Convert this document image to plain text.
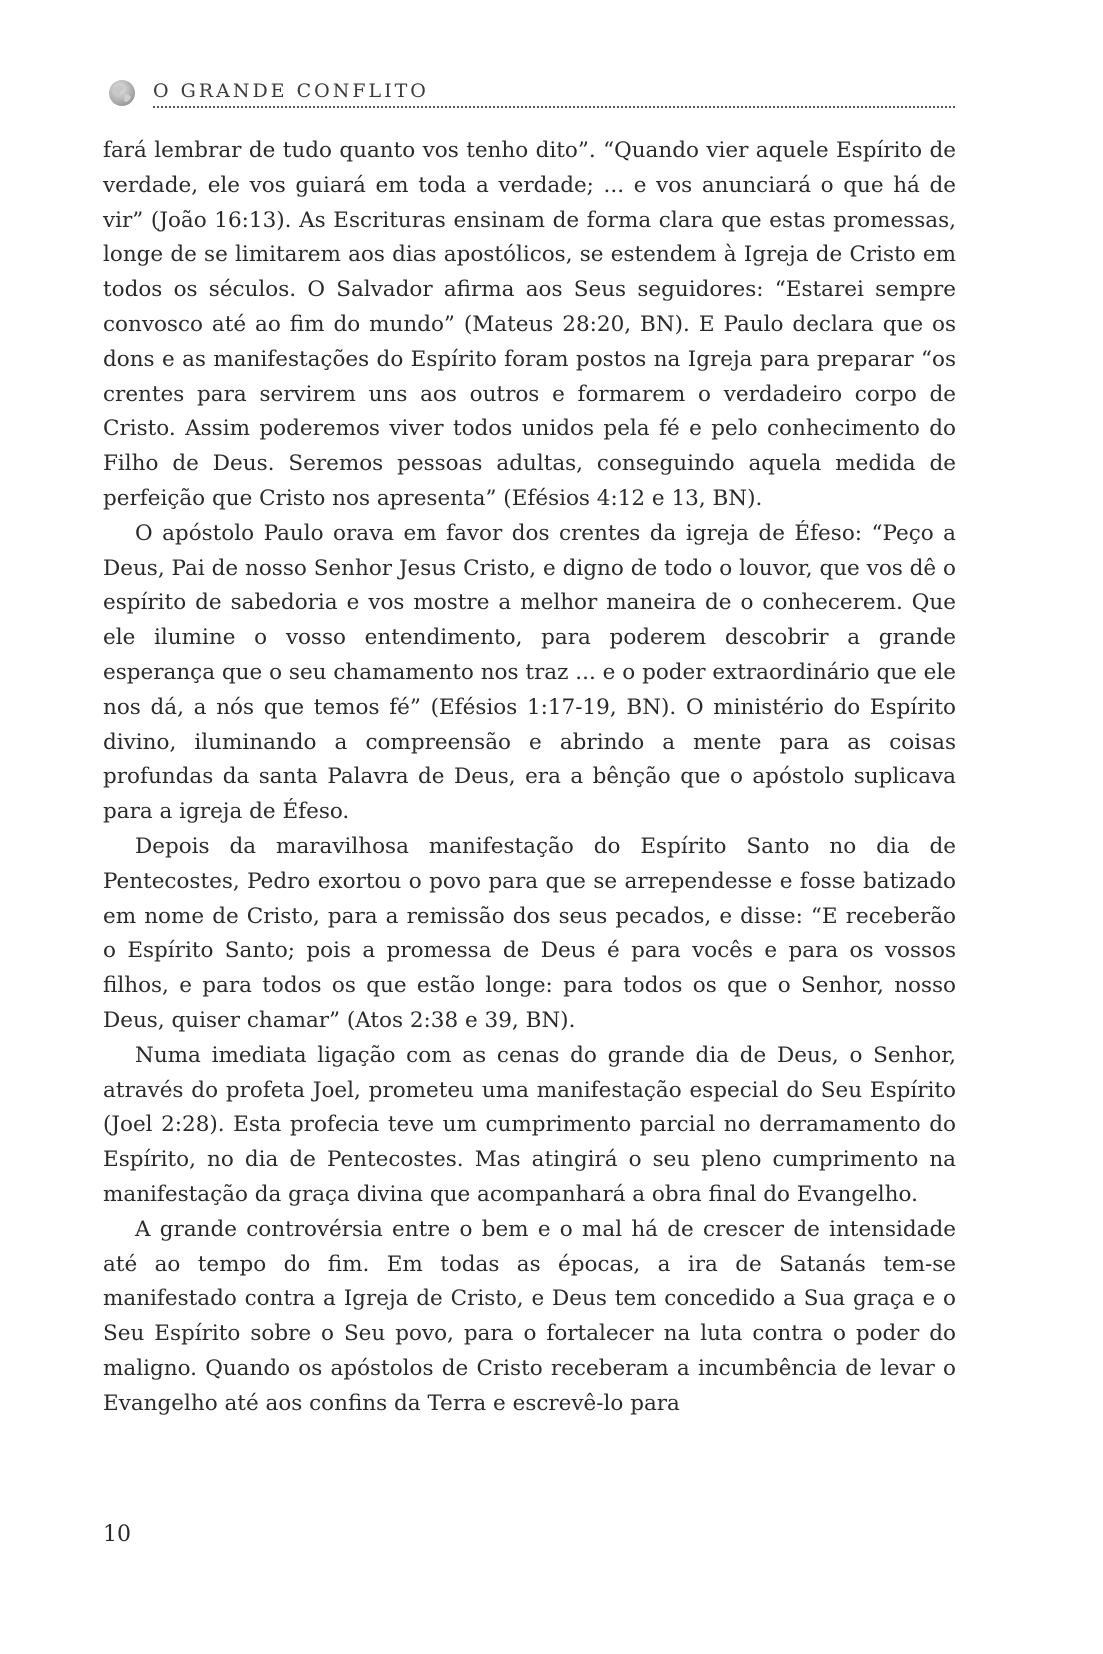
O GRANDE CONFLITO

fará lembrar de tudo quanto vos tenho dito”. “Quando vier aquele Espírito de verdade, ele vos guiará em toda a verdade; ... e vos anunciará o que há de vir” (João 16:13). As Escrituras ensinam de forma clara que estas promessas, longe de se limitarem aos dias apostólicos, se estendem à Igreja de Cristo em todos os séculos. O Salvador afirma aos Seus seguidores: “Estarei sempre convosco até ao fim do mundo” (Mateus 28:20, BN). E Paulo declara que os dons e as manifestações do Espírito foram postos na Igreja para preparar “os crentes para servirem uns aos outros e formarem o verdadeiro corpo de Cristo. Assim poderemos viver todos unidos pela fé e pelo conhecimento do Filho de Deus. Seremos pessoas adultas, conseguindo aquela medida de perfeição que Cristo nos apresenta” (Efésios 4:12 e 13, BN).

O apóstolo Paulo orava em favor dos crentes da igreja de Éfeso: “Peço a Deus, Pai de nosso Senhor Jesus Cristo, e digno de todo o louvor, que vos dê o espírito de sabedoria e vos mostre a melhor maneira de o conhecerem. Que ele ilumine o vosso entendimento, para poderem descobrir a grande esperança que o seu chamamento nos traz ... e o poder extraordinário que ele nos dá, a nós que temos fé” (Efésios 1:17-19, BN). O ministério do Espírito divino, iluminando a compreensão e abrindo a mente para as coisas profundas da santa Palavra de Deus, era a bênção que o apóstolo suplicava para a igreja de Éfeso.

Depois da maravilhosa manifestação do Espírito Santo no dia de Pentecostes, Pedro exortou o povo para que se arrependesse e fosse batizado em nome de Cristo, para a remissão dos seus pecados, e disse: “E receberão o Espírito Santo; pois a promessa de Deus é para vocês e para os vossos filhos, e para todos os que estão longe: para todos os que o Senhor, nosso Deus, quiser chamar” (Atos 2:38 e 39, BN).

Numa imediata ligação com as cenas do grande dia de Deus, o Senhor, através do profeta Joel, prometeu uma manifestação especial do Seu Espírito (Joel 2:28). Esta profecia teve um cumprimento parcial no derramamento do Espírito, no dia de Pentecostes. Mas atingirá o seu pleno cumprimento na manifestação da graça divina que acompanhará a obra final do Evangelho.

A grande controvérsia entre o bem e o mal há de crescer de intensidade até ao tempo do fim. Em todas as épocas, a ira de Satanás tem-se manifestado contra a Igreja de Cristo, e Deus tem concedido a Sua graça e o Seu Espírito sobre o Seu povo, para o fortalecer na luta contra o poder do maligno. Quando os apóstolos de Cristo receberam a incumbência de levar o Evangelho até aos confins da Terra e escrevê-lo para

10
